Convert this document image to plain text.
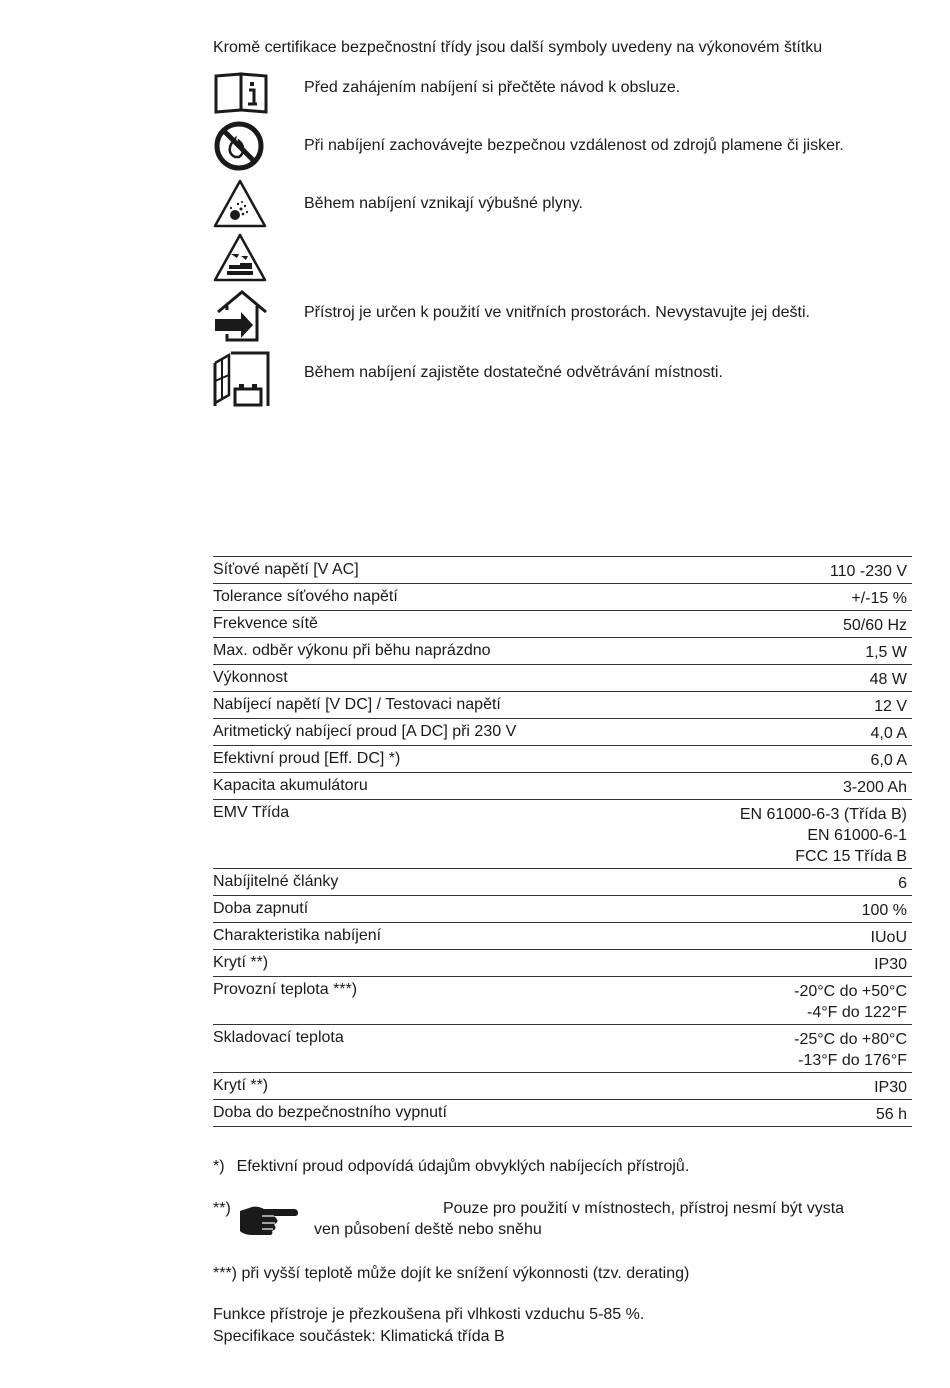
Kromě certifikace bezpečnostní třídy jsou další symboly uvedeny na výkonovém štítku
Před zahájením nabíjení si přečtěte návod k obsluze.
Při nabíjení zachovávejte bezpečnou vzdálenost od zdrojů plamene či jisker.
Během nabíjení vznikají výbušné plyny.
Přístroj je určen k použití ve vnitřních prostorách. Nevystavujte jej dešti.
Během nabíjení zajistěte dostatečné odvětrávání místnosti.
Síťové napětí [V AC]	110 -230 V
Tolerance síťového napětí	+/-15 %
Frekvence sítě	50/60 Hz
Max. odběr výkonu při běhu naprázdno	1,5 W
Výkonnost	48 W
Nabíjecí napětí [V DC] / Testovaci napětí	12 V
Aritmetický nabíjecí proud [A DC] při 230 V	4,0 A
Efektivní proud [Eff. DC] *)	6,0 A
Kapacita akumulátoru	3-200 Ah
EMV Třída	EN 61000-6-3 (Třída B)
EN 61000-6-1
FCC 15 Třída B
Nabíjitelné články	6
Doba zapnutí	100 %
Charakteristika nabíjení	IUoU
Krytí **)	IP30
Provozní teplota ***)	-20°C do +50°C
-4°F do 122°F
Skladovací teplota	-25°C do +80°C
-13°F do 176°F
Krytí **)	IP30
Doba do bezpečnostního vypnutí	56 h
*) Efektivní proud odpovídá údajům obvyklých nabíjecích přístrojů.
**)	Pouze pro použití v místnostech, přístroj nesmí být vysta
ven působení deště nebo sněhu
***) při vyšší teplotě může dojít ke snížení výkonnosti (tzv. derating)
Funkce přístroje je přezkoušena při vlhkosti vzduchu 5-85 %.
Specifikace součástek: Klimatická třída B
